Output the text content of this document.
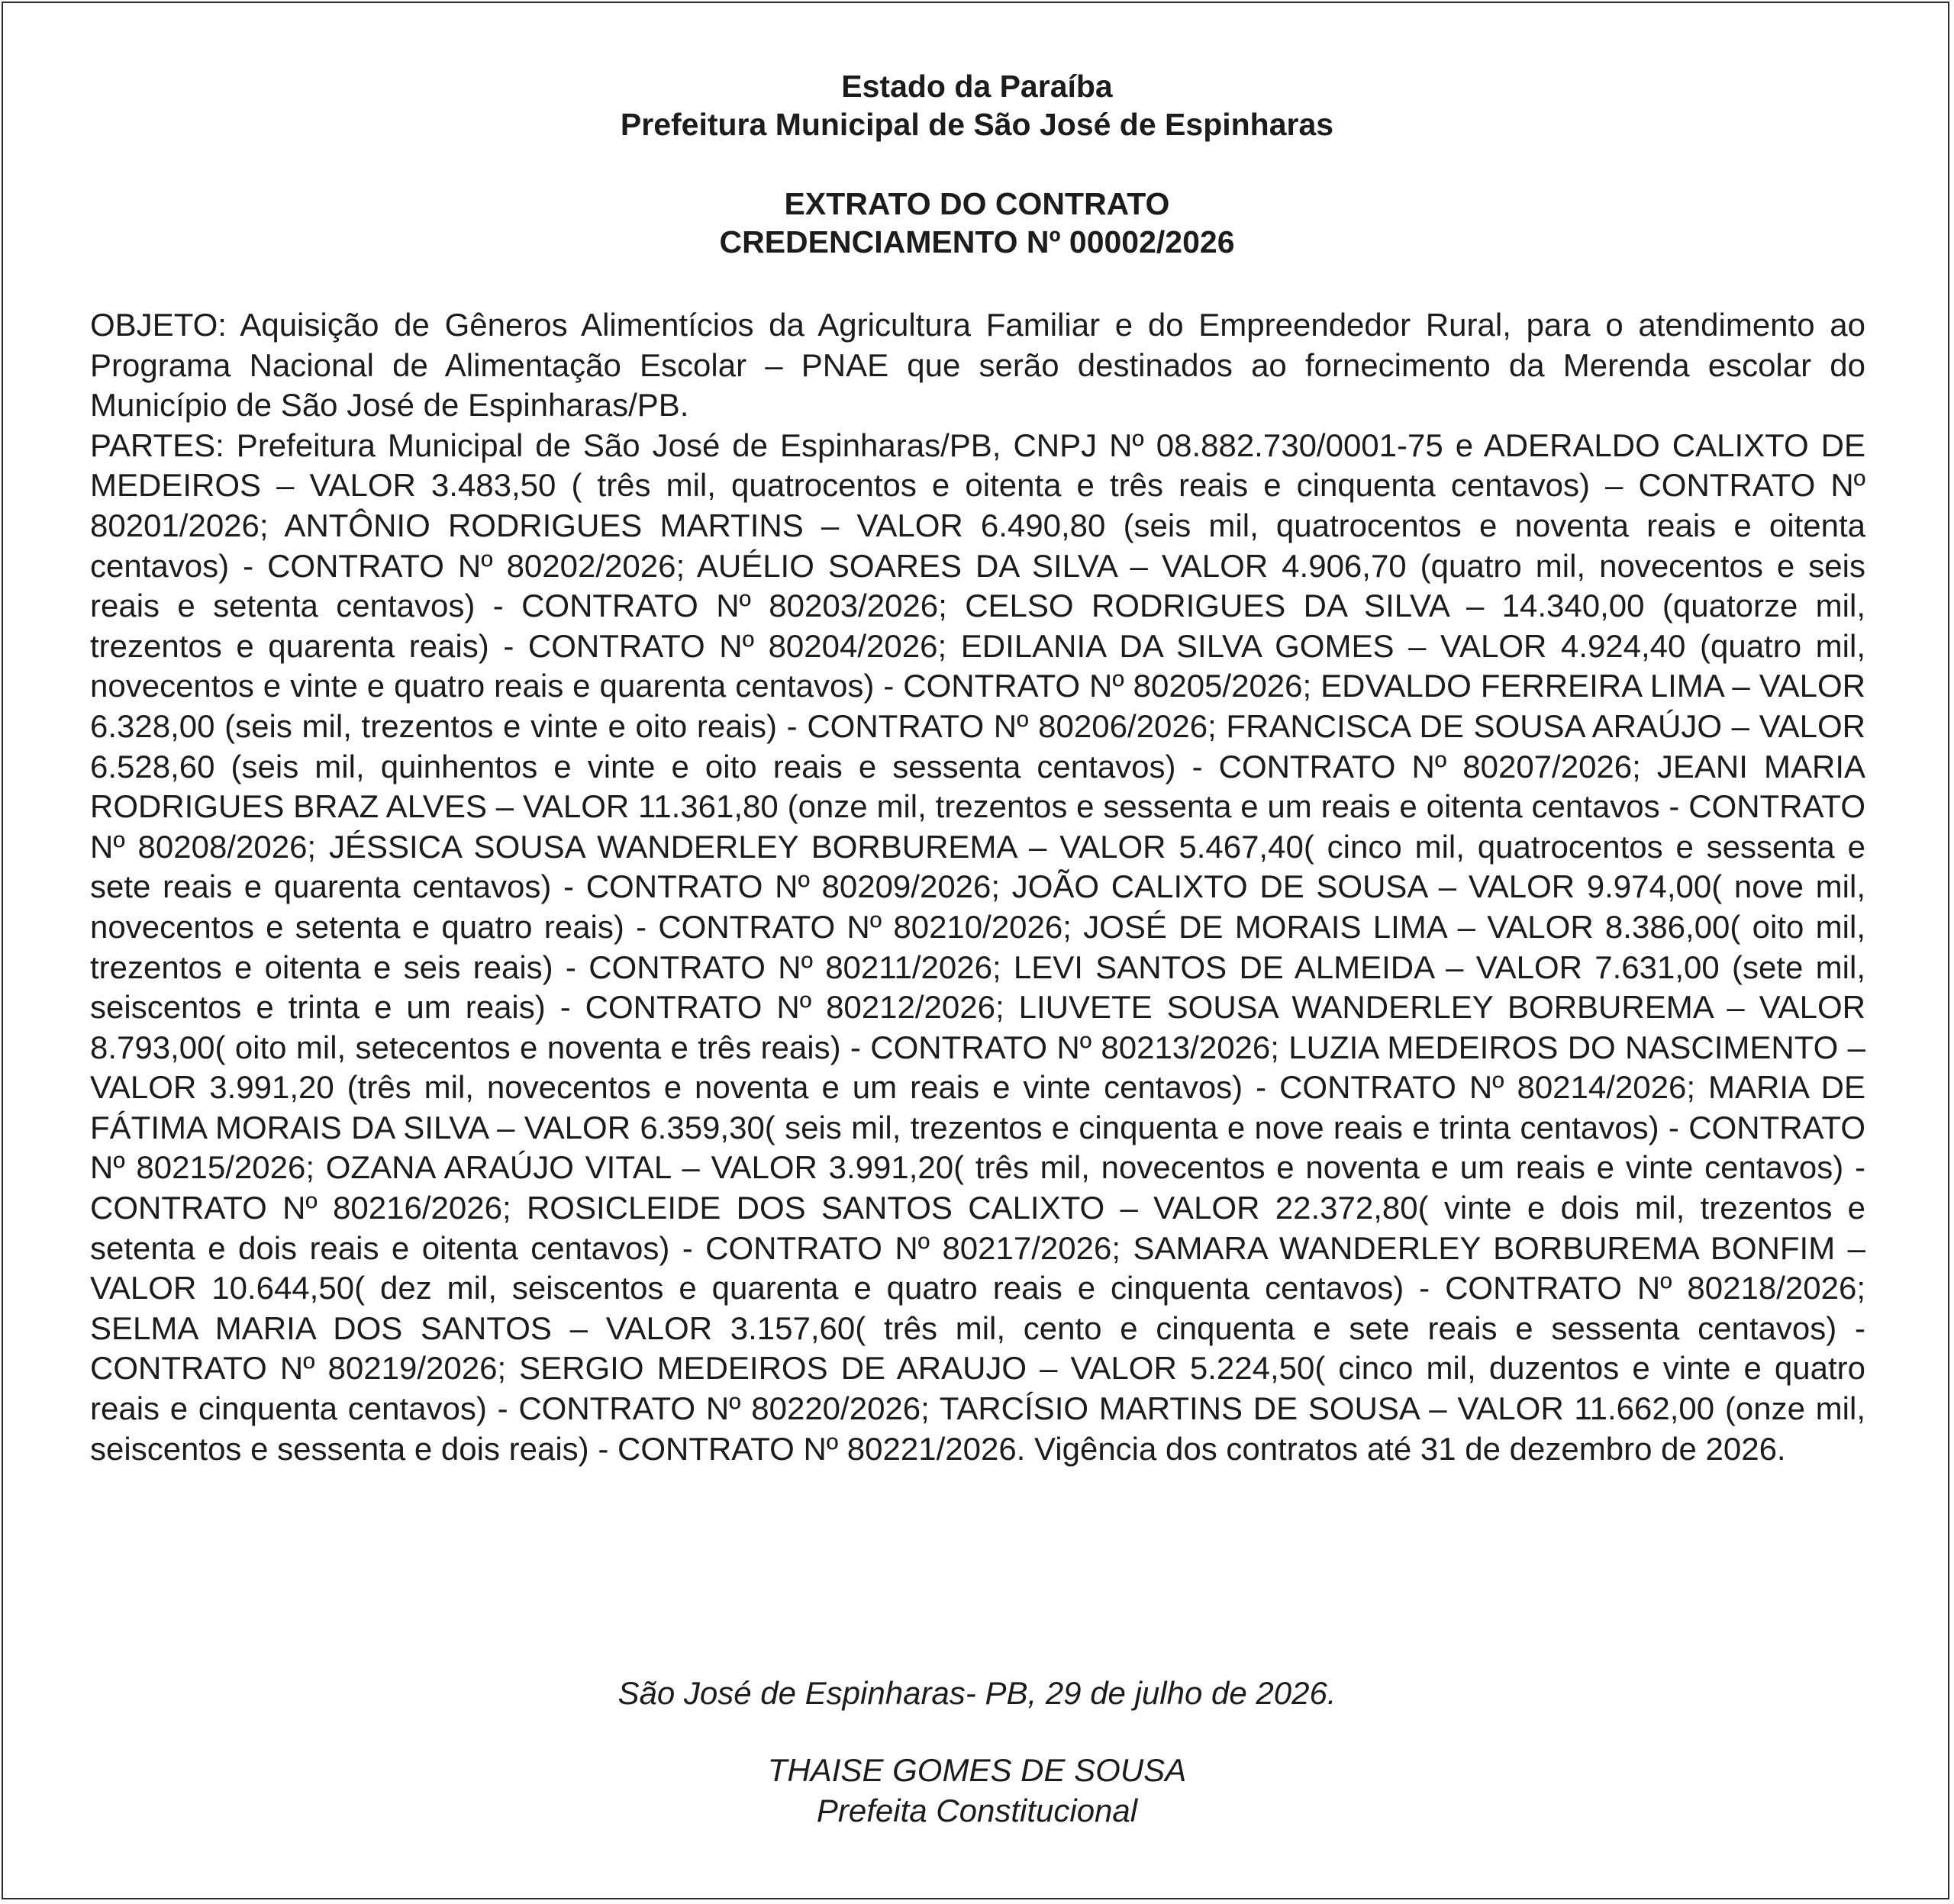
Estado da Paraíba
Prefeitura Municipal de São José de Espinharas
EXTRATO DO CONTRATO
CREDENCIAMENTO Nº 00002/2026

OBJETO: Aquisição de Gêneros Alimentícios da Agricultura Familiar e do Empreendedor Rural, para o atendimento ao Programa Nacional de Alimentação Escolar – PNAE que serão destinados ao fornecimento da Merenda escolar do Município de São José de Espinharas/PB.

PARTES: Prefeitura Municipal de São José de Espinharas/PB, CNPJ Nº 08.882.730/0001-75 e ADERALDO CALIXTO DE MEDEIROS – VALOR 3.483,50 ( três mil, quatrocentos e oitenta e três reais e cinquenta centavos) – CONTRATO Nº 80201/2026; ANTÔNIO RODRIGUES MARTINS – VALOR 6.490,80 (seis mil, quatrocentos e noventa reais e oitenta centavos) - CONTRATO Nº 80202/2026; AUÉLIO SOARES DA SILVA – VALOR 4.906,70 (quatro mil, novecentos e seis reais e setenta centavos) - CONTRATO Nº 80203/2026; CELSO RODRIGUES DA SILVA – 14.340,00 (quatorze mil, trezentos e quarenta reais) - CONTRATO Nº 80204/2026; EDILANIA DA SILVA GOMES – VALOR 4.924,40 (quatro mil, novecentos e vinte e quatro reais e quarenta centavos) - CONTRATO Nº 80205/2026; EDVALDO FERREIRA LIMA – VALOR 6.328,00 (seis mil, trezentos e vinte e oito reais) - CONTRATO Nº 80206/2026; FRANCISCA DE SOUSA ARAÚJO – VALOR 6.528,60 (seis mil, quinhentos e vinte e oito reais e sessenta centavos) - CONTRATO Nº 80207/2026; JEANI MARIA RODRIGUES BRAZ ALVES – VALOR 11.361,80 (onze mil, trezentos e sessenta e um reais e oitenta centavos - CONTRATO Nº 80208/2026; JÉSSICA SOUSA WANDERLEY BORBUREMA – VALOR 5.467,40( cinco mil, quatrocentos e sessenta e sete reais e quarenta centavos) - CONTRATO Nº 80209/2026; JOÃO CALIXTO DE SOUSA – VALOR 9.974,00( nove mil, novecentos e setenta e quatro reais) - CONTRATO Nº 80210/2026; JOSÉ DE MORAIS LIMA – VALOR 8.386,00( oito mil, trezentos e oitenta e seis reais) - CONTRATO Nº 80211/2026; LEVI SANTOS DE ALMEIDA – VALOR 7.631,00 (sete mil, seiscentos e trinta e um reais) - CONTRATO Nº 80212/2026; LIUVETE SOUSA WANDERLEY BORBUREMA – VALOR 8.793,00( oito mil, setecentos e noventa e três reais) - CONTRATO Nº 80213/2026; LUZIA MEDEIROS DO NASCIMENTO – VALOR 3.991,20 (três mil, novecentos e noventa e um reais e vinte centavos) - CONTRATO Nº 80214/2026; MARIA DE FÁTIMA MORAIS DA SILVA – VALOR 6.359,30( seis mil, trezentos e cinquenta e nove reais e trinta centavos) - CONTRATO Nº 80215/2026; OZANA ARAÚJO VITAL – VALOR 3.991,20( três mil, novecentos e noventa e um reais e vinte centavos) - CONTRATO Nº 80216/2026; ROSICLEIDE DOS SANTOS CALIXTO – VALOR 22.372,80( vinte e dois mil, trezentos e setenta e dois reais e oitenta centavos) - CONTRATO Nº 80217/2026; SAMARA WANDERLEY BORBUREMA BONFIM – VALOR 10.644,50( dez mil, seiscentos e quarenta e quatro reais e cinquenta centavos) - CONTRATO Nº 80218/2026; SELMA MARIA DOS SANTOS – VALOR 3.157,60( três mil, cento e cinquenta e sete reais e sessenta centavos) - CONTRATO Nº 80219/2026; SERGIO MEDEIROS DE ARAUJO – VALOR 5.224,50( cinco mil, duzentos e vinte e quatro reais e cinquenta centavos) - CONTRATO Nº 80220/2026; TARCÍSIO MARTINS DE SOUSA – VALOR 11.662,00 (onze mil, seiscentos e sessenta e dois reais) - CONTRATO Nº 80221/2026. Vigência dos contratos até 31 de dezembro de 2026.

São José de Espinharas- PB, 29 de julho de 2026.
THAISE GOMES DE SOUSA
Prefeita Constitucional
